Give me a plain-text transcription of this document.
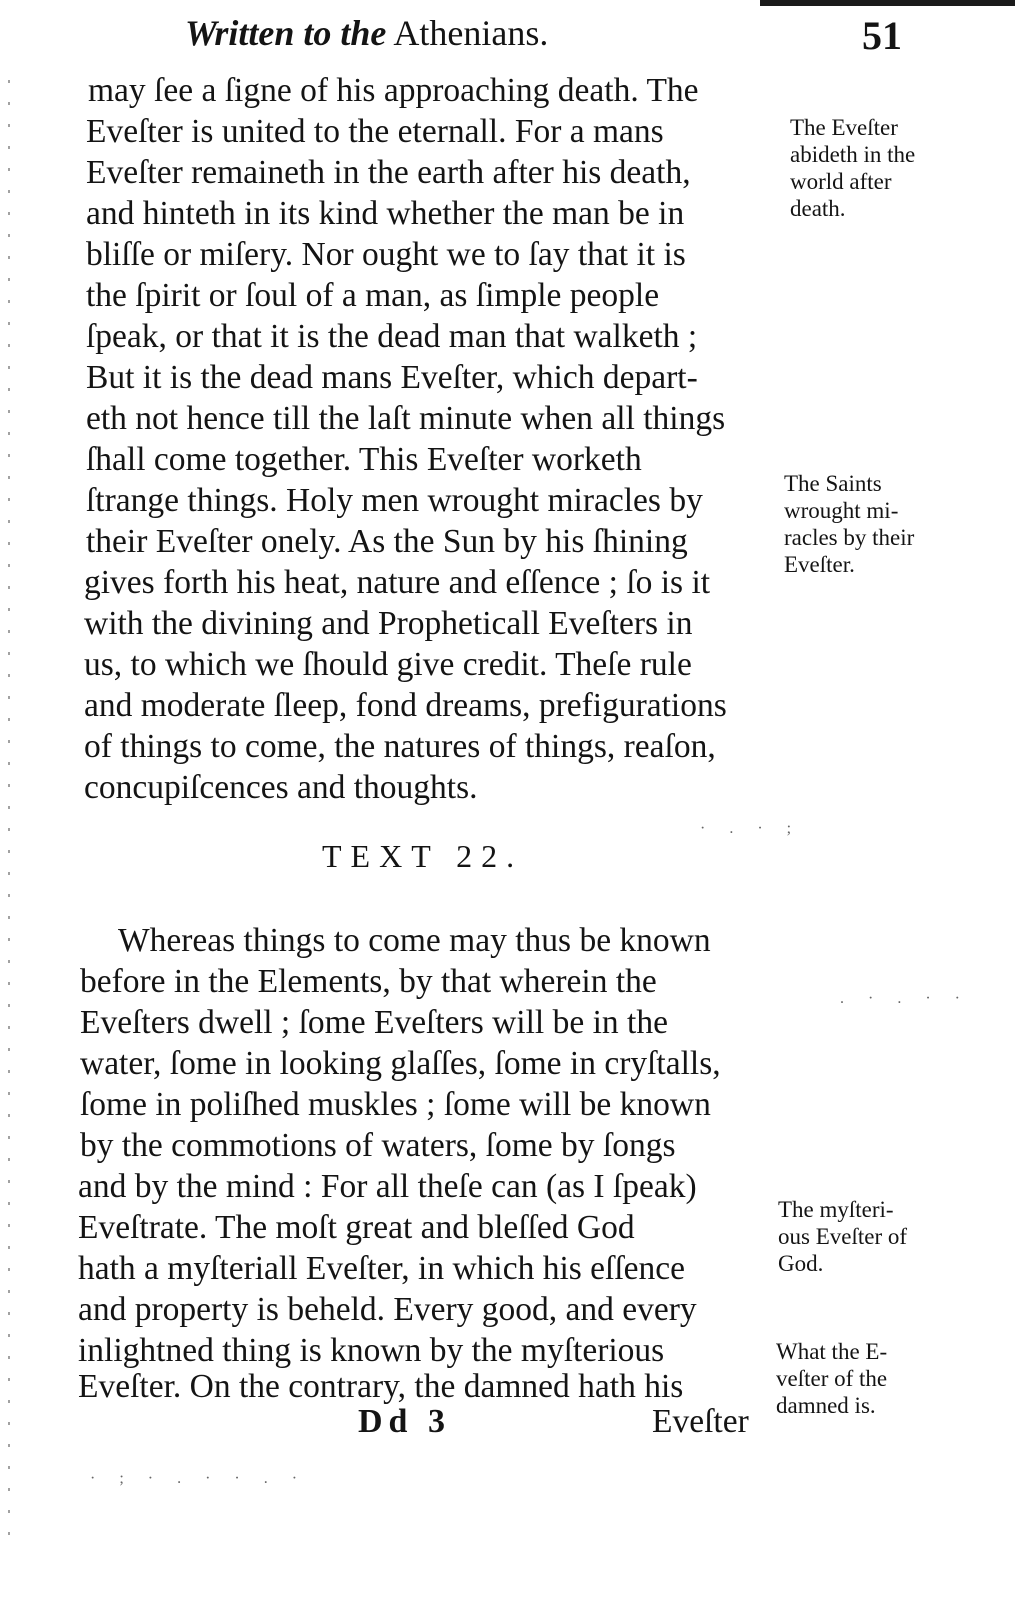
Written to the Athenians.	51
may ſee a ſigne of his approaching death. The
Eveſter is united to the eternall. For a mans
Eveſter remaineth in the earth after his death,
and hinteth in its kind whether the man be in
bliſſe or miſery. Nor ought we to ſay that it is
the ſpirit or ſoul of a man, as ſimple people
ſpeak, or that it is the dead man that walketh ;
But it is the dead mans Eveſter, which depart-
eth not hence till the laſt minute when all things
ſhall come together. This Eveſter worketh
ſtrange things. Holy men wrought miracles by
their Eveſter onely. As the Sun by his ſhining
gives forth his heat, nature and eſſence ; ſo is it
with the divining and Propheticall Eveſters in
us, to which we ſhould give credit. Theſe rule
and moderate ſleep, fond dreams, prefigurations
of things to come, the natures of things, reaſon,
concupiſcences and thoughts.
TEXT 22.
Whereas things to come may thus be known
before in the Elements, by that wherein the
Eveſters dwell ; ſome Eveſters will be in the
water, ſome in looking glaſſes, ſome in cryſtalls,
ſome in poliſhed muskles ; ſome will be known
by the commotions of waters, ſome by ſongs
and by the mind : For all theſe can (as I ſpeak)
Eveſtrate. The moſt great and bleſſed God
hath a myſteriall Eveſter, in which his eſſence
and property is beheld. Every good, and every
inlightned thing is known by the myſterious
Eveſter. On the contrary, the damned hath his
The Eveſter
abideth in the
world after
death.
The Saints
wrought mi-
racles by their
Eveſter.
The myſteri-
ous Eveſter of
God.
What the E-
veſter of the
damned is.
Dd 3	Eveſter
· . · ;
. · . · ·
· ; · . · · . ·
